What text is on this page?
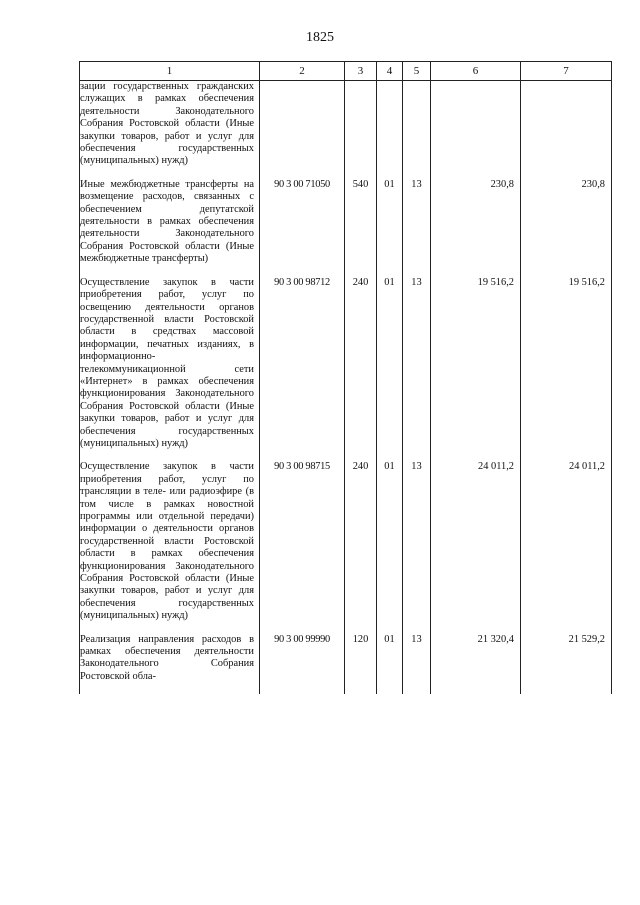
1825
1	2	3	4	5	6	7
зации государственных гражданских служащих в рамках обеспечения деятельности Законодательного Собрания Ростовской области (Иные закупки товаров, работ и услуг для обеспечения государственных (муниципальных) нужд)						
Иные межбюджетные трансферты на возмещение расходов, связанных с обеспечением депутатской деятельности в рамках обеспечения деятельности Законодательного Собрания Ростовской области (Иные межбюджетные трансферты)	90 3 00 71050	540	01	13	230,8	230,8
Осуществление закупок в части приобретения работ, услуг по освещению деятельности органов государственной власти Ростовской области в средствах массовой информации, печатных изданиях, в информационно-телекоммуникационной сети «Интернет» в рамках обеспечения функционирования Законодательного Собрания Ростовской области (Иные закупки товаров, работ и услуг для обеспечения государственных (муниципальных) нужд)	90 3 00 98712	240	01	13	19 516,2	19 516,2
Осуществление закупок в части приобретения работ, услуг по трансляции в теле- или радиоэфире (в том числе в рамках новостной программы или отдельной передачи) информации о деятельности органов государственной власти Ростовской области в рамках обеспечения функционирования Законодательного Собрания Ростовской области (Иные закупки товаров, работ и услуг для обеспечения государственных (муниципальных) нужд)	90 3 00 98715	240	01	13	24 011,2	24 011,2
Реализация направления расходов в рамках обеспечения деятельности Законодательного Собрания Ростовской обла-	90 3 00 99990	120	01	13	21 320,4	21 529,2
